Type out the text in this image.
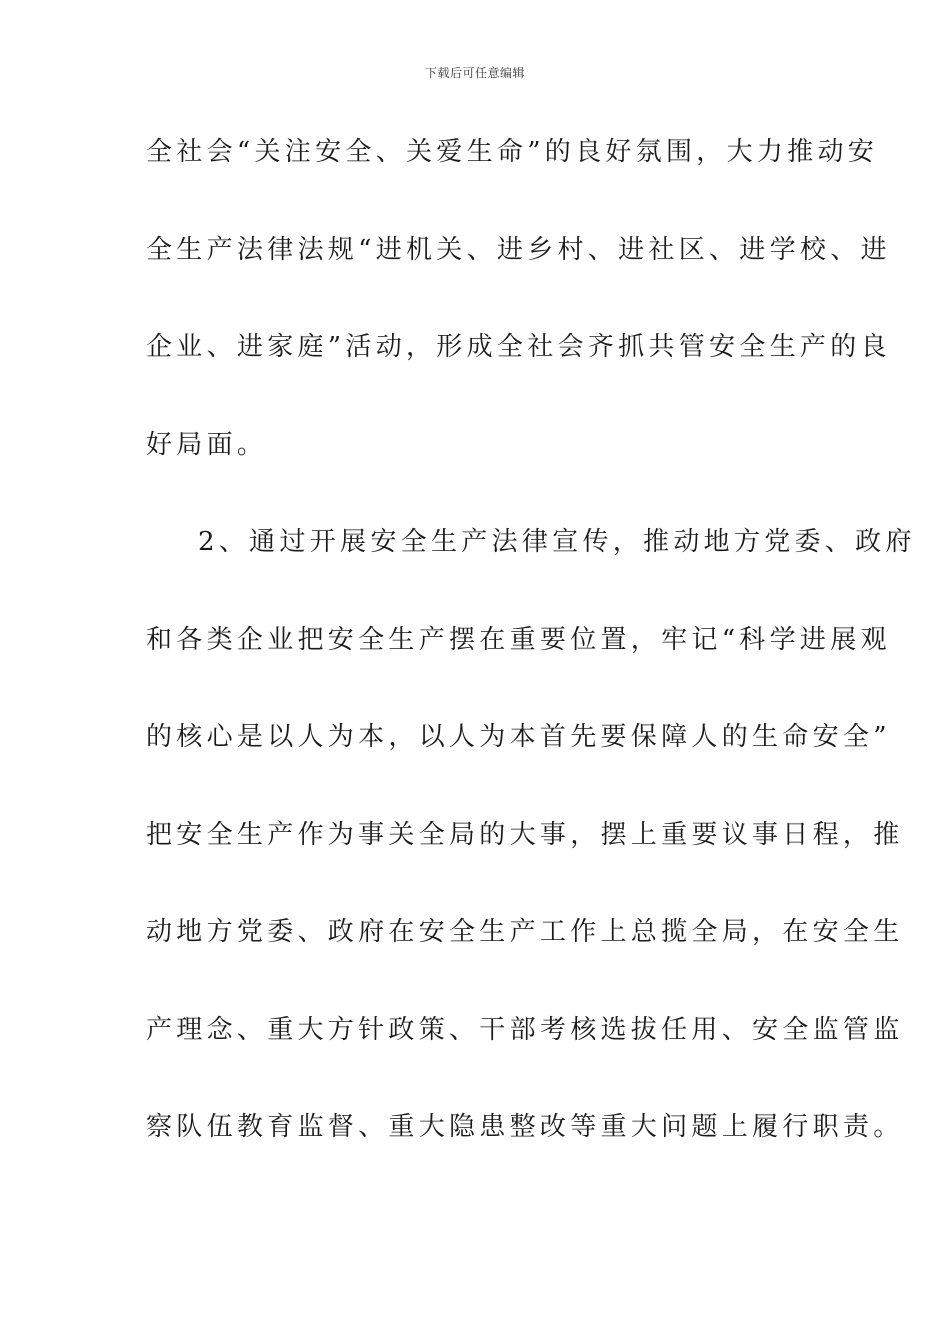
下载后可任意编辑
全社会“关注安全、关爱生命”的良好氛围，大力推动安
全生产法律法规“进机关、进乡村、进社区、进学校、进
企业、进家庭”活动，形成全社会齐抓共管安全生产的良
好局面。
2、通过开展安全生产法律宣传，推动地方党委、政府
和各类企业把安全生产摆在重要位置，牢记“科学进展观
的核心是以人为本，以人为本首先要保障人的生命安全”
把安全生产作为事关全局的大事，摆上重要议事日程，推
动地方党委、政府在安全生产工作上总揽全局，在安全生
产理念、重大方针政策、干部考核选拔任用、安全监管监
察队伍教育监督、重大隐患整改等重大问题上履行职责。
